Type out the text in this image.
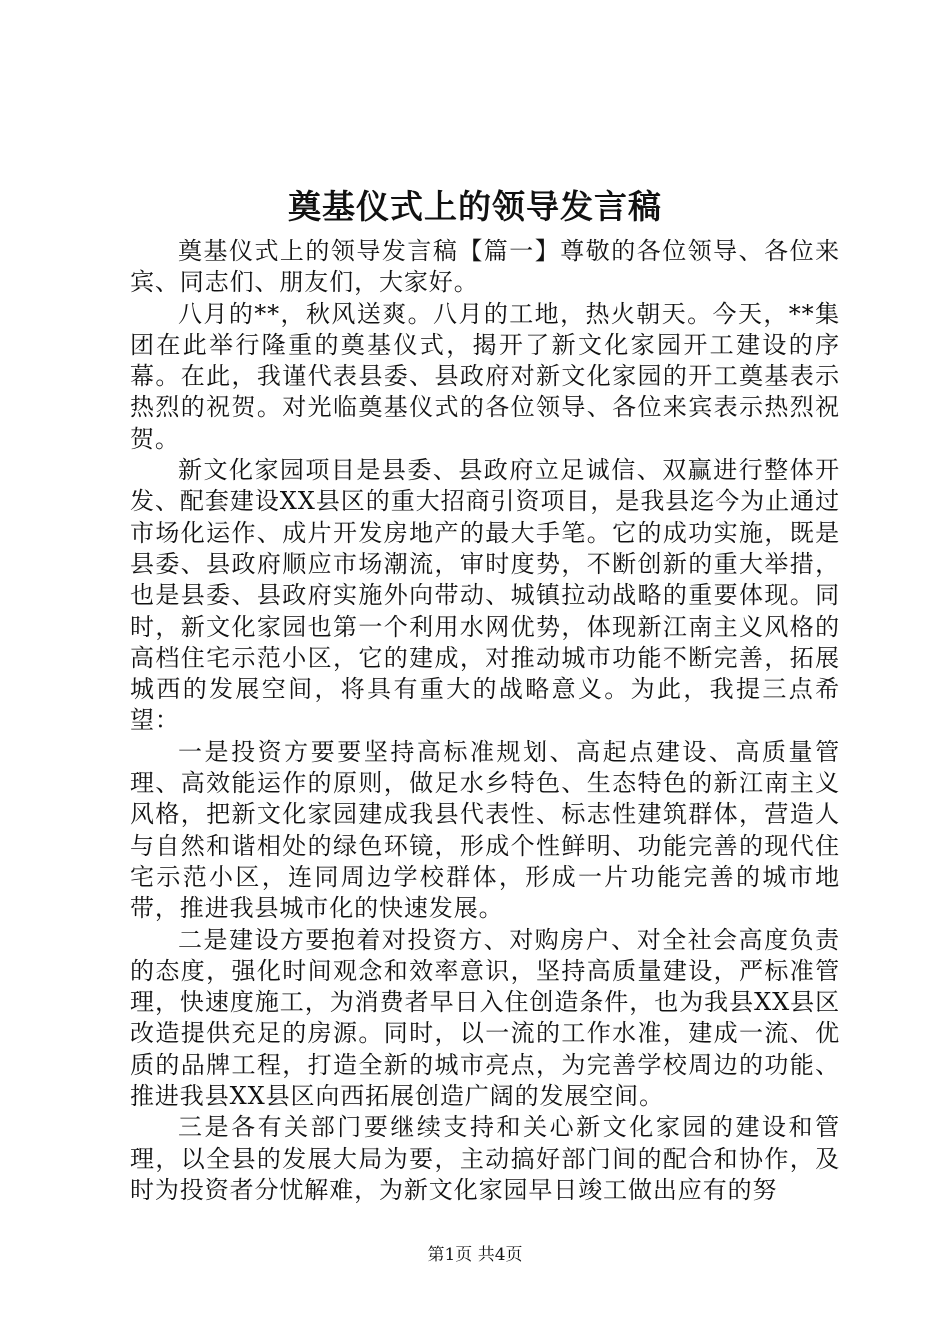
奠基仪式上的领导发言稿

奠基仪式上的领导发言稿【篇一】尊敬的各位领导、各位来宾、同志们、朋友们，大家好。

八月的**，秋风送爽。八月的工地，热火朝天。今天，**集团在此举行隆重的奠基仪式，揭开了新文化家园开工建设的序幕。在此，我谨代表县委、县政府对新文化家园的开工奠基表示热烈的祝贺。对光临奠基仪式的各位领导、各位来宾表示热烈祝贺。

新文化家园项目是县委、县政府立足诚信、双赢进行整体开发、配套建设XX县区的重大招商引资项目，是我县迄今为止通过市场化运作、成片开发房地产的最大手笔。它的成功实施，既是县委、县政府顺应市场潮流，审时度势，不断创新的重大举措，也是县委、县政府实施外向带动、城镇拉动战略的重要体现。同时，新文化家园也第一个利用水网优势，体现新江南主义风格的高档住宅示范小区，它的建成，对推动城市功能不断完善，拓展城西的发展空间，将具有重大的战略意义。为此，我提三点希望：

一是投资方要要坚持高标准规划、高起点建设、高质量管理、高效能运作的原则，做足水乡特色、生态特色的新江南主义风格，把新文化家园建成我县代表性、标志性建筑群体，营造人与自然和谐相处的绿色环镜，形成个性鲜明、功能完善的现代住宅示范小区，连同周边学校群体，形成一片功能完善的城市地带，推进我县城市化的快速发展。

二是建设方要抱着对投资方、对购房户、对全社会高度负责的态度，强化时间观念和效率意识，坚持高质量建设，严标准管理，快速度施工，为消费者早日入住创造条件，也为我县XX县区改造提供充足的房源。同时，以一流的工作水准，建成一流、优质的品牌工程，打造全新的城市亮点，为完善学校周边的功能、推进我县XX县区向西拓展创造广阔的发展空间。

三是各有关部门要继续支持和关心新文化家园的建设和管理，以全县的发展大局为要，主动搞好部门间的配合和协作，及时为投资者分忧解难，为新文化家园早日竣工做出应有的努

第1页 共4页
